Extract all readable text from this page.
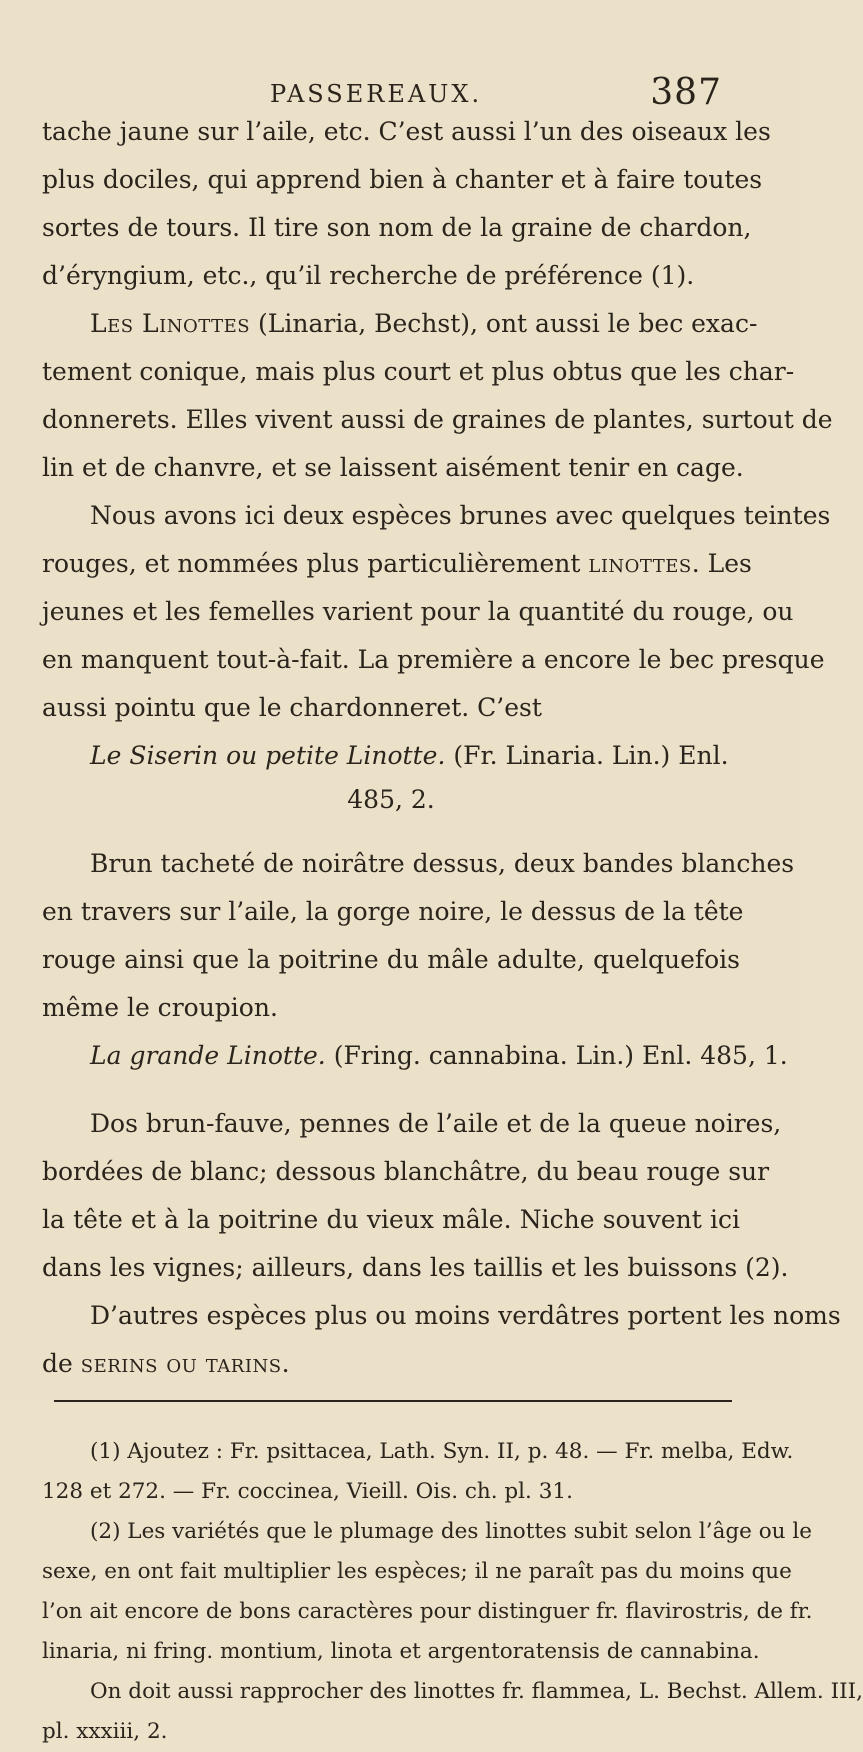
PASSEREAUX.	387
tache jaune sur l’aile, etc. C’est aussi l’un des oiseaux les
plus dociles, qui apprend bien à chanter et à faire toutes
sortes de tours. Il tire son nom de la graine de chardon,
d’éryngium, etc., qu’il recherche de préférence (1).
Les Linottes (Linaria, Bechst), ont aussi le bec exac-
tement conique, mais plus court et plus obtus que les char-
donnerets. Elles vivent aussi de graines de plantes, surtout de
lin et de chanvre, et se laissent aisément tenir en cage.
Nous avons ici deux espèces brunes avec quelques teintes
rouges, et nommées plus particulièrement linottes. Les
jeunes et les femelles varient pour la quantité du rouge, ou
en manquent tout-à-fait. La première a encore le bec presque
aussi pointu que le chardonneret. C’est
Le Siserin ou petite Linotte. (Fr. Linaria. Lin.) Enl.
485, 2.
Brun tacheté de noirâtre dessus, deux bandes blanches
en travers sur l’aile, la gorge noire, le dessus de la tête
rouge ainsi que la poitrine du mâle adulte, quelquefois
même le croupion.
La grande Linotte. (Fring. cannabina. Lin.) Enl. 485, 1.
Dos brun-fauve, pennes de l’aile et de la queue noires,
bordées de blanc; dessous blanchâtre, du beau rouge sur
la tête et à la poitrine du vieux mâle. Niche souvent ici
dans les vignes; ailleurs, dans les taillis et les buissons (2).
D’autres espèces plus ou moins verdâtres portent les noms
de serins ou tarins.
(1) Ajoutez : Fr. psittacea, Lath. Syn. II, p. 48. — Fr. melba, Edw.
128 et 272. — Fr. coccinea, Vieill. Ois. ch. pl. 31.
(2) Les variétés que le plumage des linottes subit selon l’âge ou le
sexe, en ont fait multiplier les espèces; il ne paraît pas du moins que
l’on ait encore de bons caractères pour distinguer fr. flavirostris, de fr.
linaria, ni fring. montium, linota et argentoratensis de cannabina.
On doit aussi rapprocher des linottes fr. flammea, L. Bechst. Allem. III,
pl. xxxiii, 2.
